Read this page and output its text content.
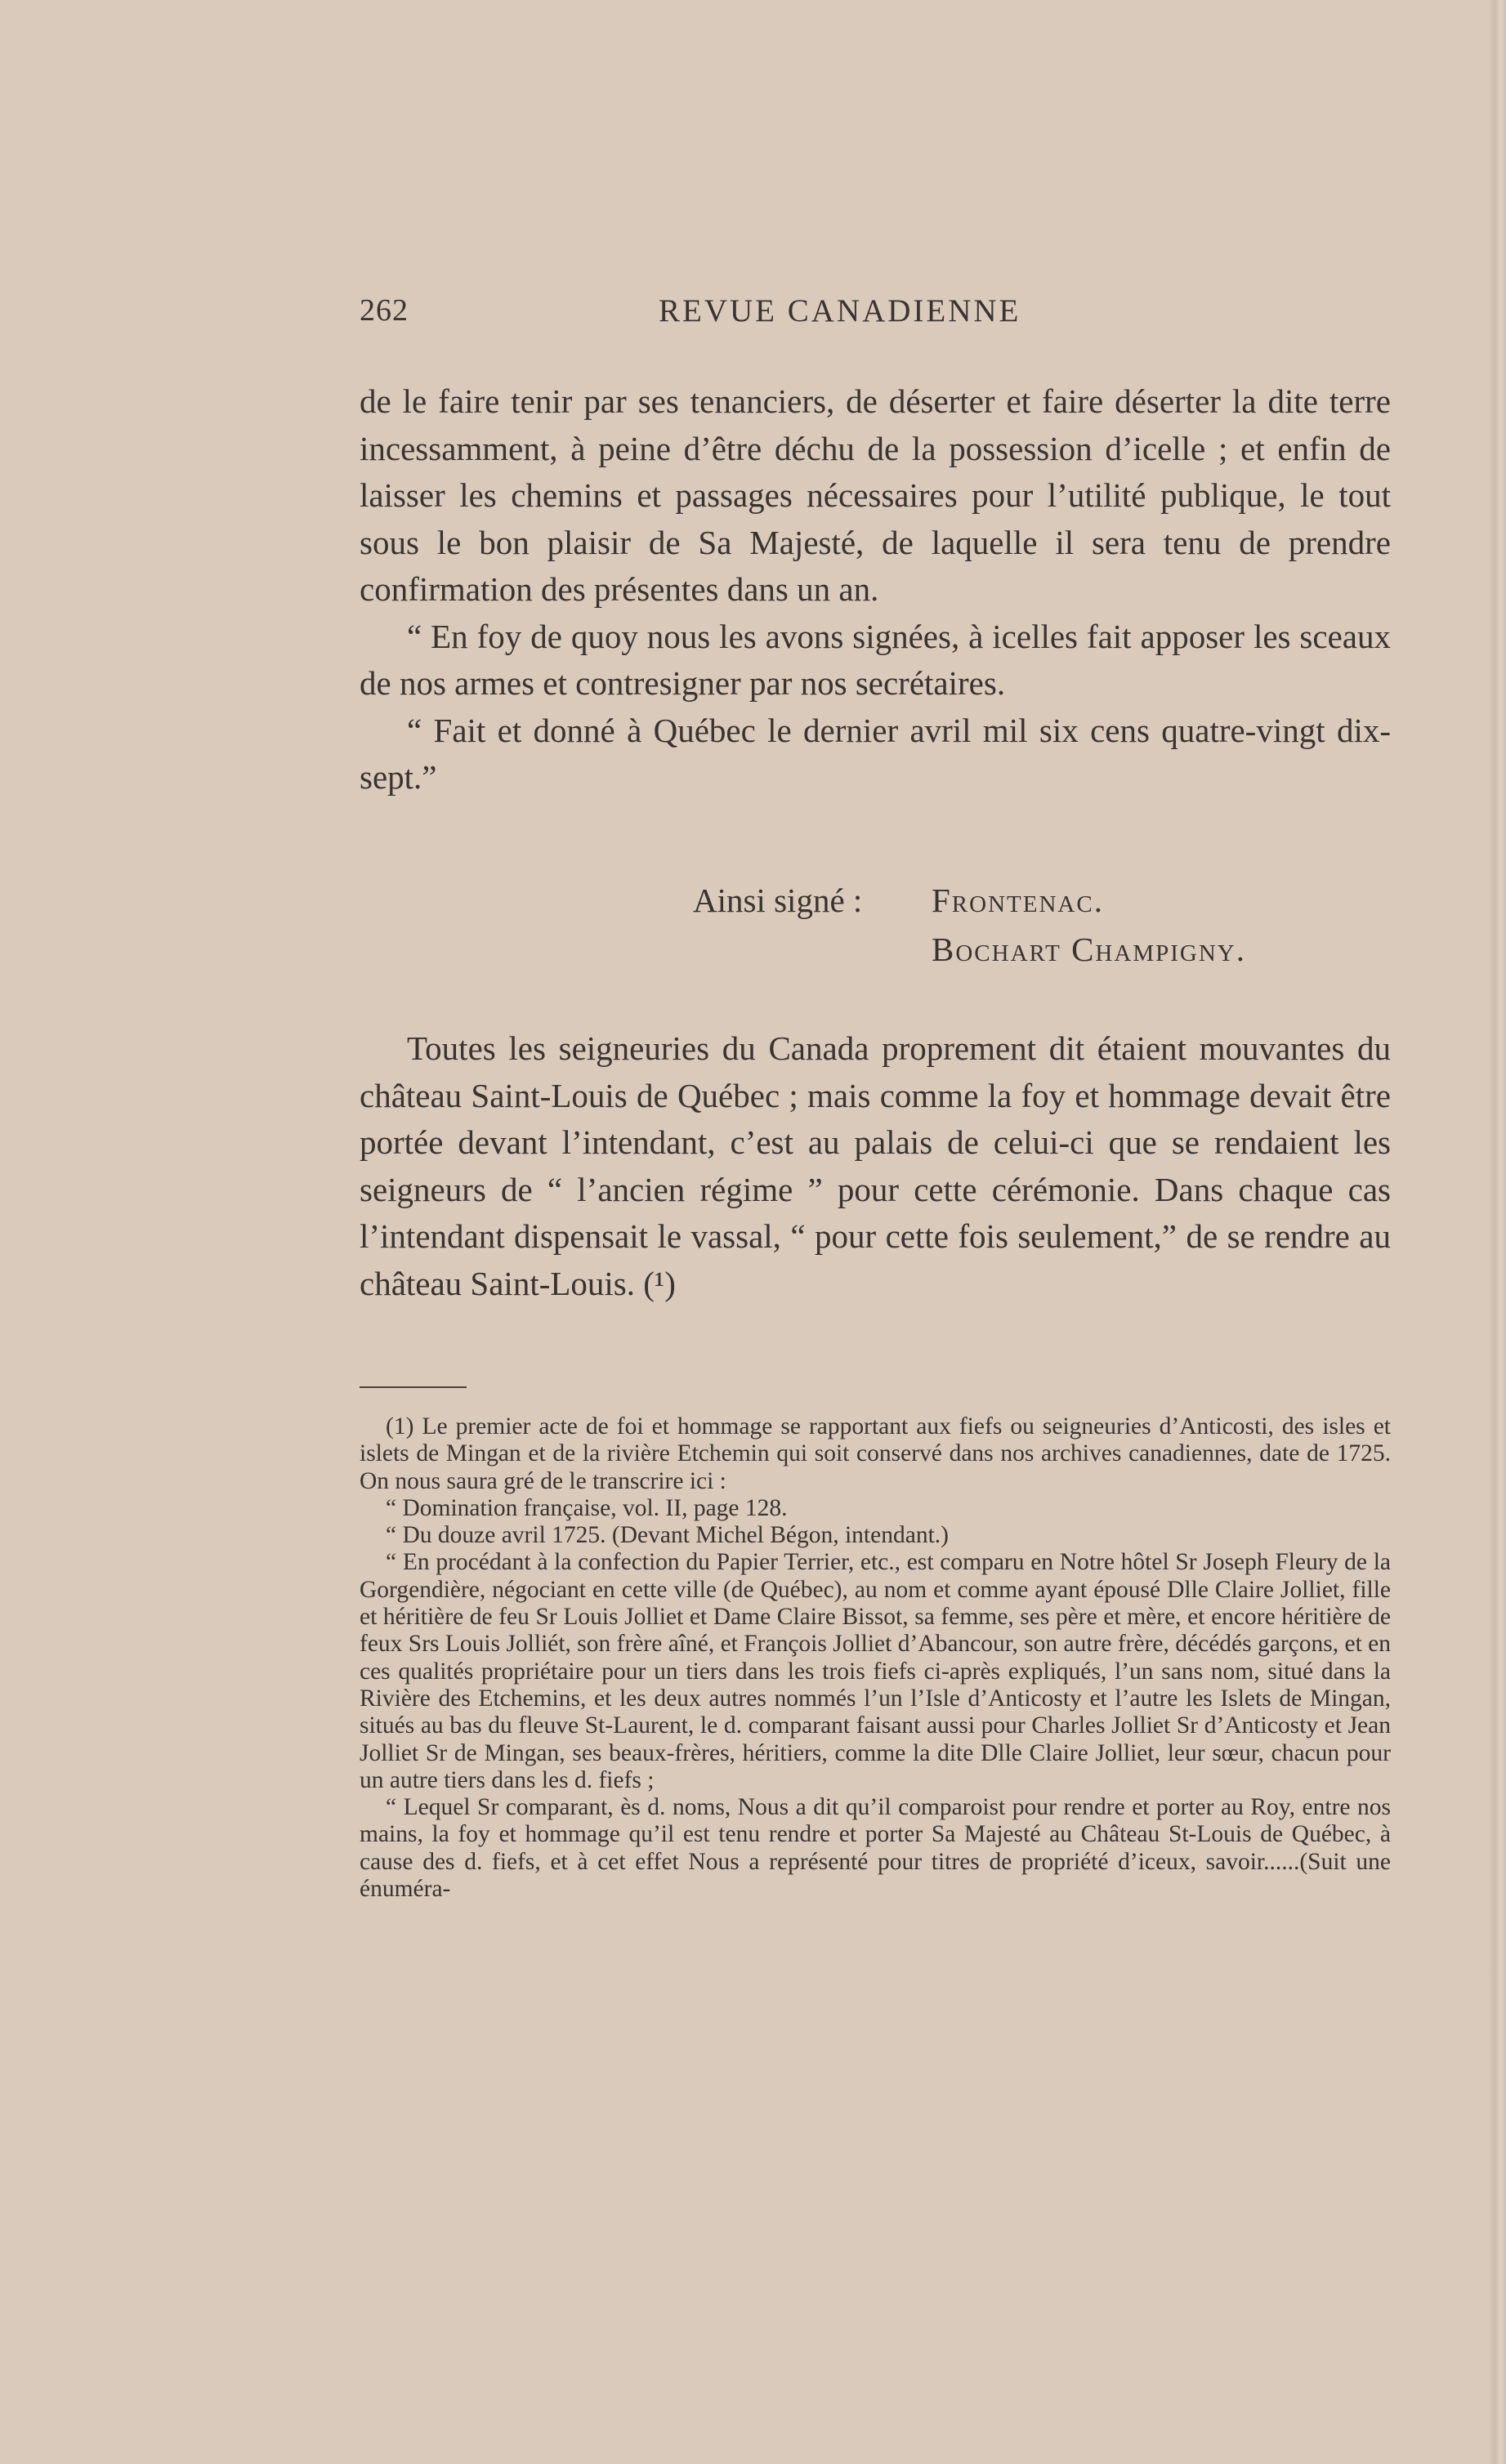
262	REVUE CANADIENNE

de le faire tenir par ses tenanciers, de déserter et faire déserter la dite terre incessamment, à peine d’être déchu de la possession d’icelle ; et enfin de laisser les chemins et passages nécessaires pour l’utilité publique, le tout sous le bon plaisir de Sa Majesté, de laquelle il sera tenu de prendre confirmation des présentes dans un an.

“ En foy de quoy nous les avons signées, à icelles fait apposer les sceaux de nos armes et contresigner par nos secrétaires.

“ Fait et donné à Québec le dernier avril mil six cens quatre-vingt dix-sept.”

Ainsi signé : Frontenac.
Bochart Champigny.

Toutes les seigneuries du Canada proprement dit étaient mouvantes du château Saint-Louis de Québec ; mais comme la foy et hommage devait être portée devant l’intendant, c’est au palais de celui-ci que se rendaient les seigneurs de “ l’ancien régime ” pour cette cérémonie. Dans chaque cas l’intendant dispensait le vassal, “ pour cette fois seulement,” de se rendre au château Saint-Louis. (¹)

(1) Le premier acte de foi et hommage se rapportant aux fiefs ou seigneuries d’Anticosti, des isles et islets de Mingan et de la rivière Etchemin qui soit conservé dans nos archives canadiennes, date de 1725. On nous saura gré de le transcrire ici :

“ Domination française, vol. II, page 128.

“ Du douze avril 1725. (Devant Michel Bégon, intendant.)

“ En procédant à la confection du Papier Terrier, etc., est comparu en Notre hôtel Sr Joseph Fleury de la Gorgendière, négociant en cette ville (de Québec), au nom et comme ayant épousé Dlle Claire Jolliet, fille et héritière de feu Sr Louis Jolliet et Dame Claire Bissot, sa femme, ses père et mère, et encore héritière de feux Srs Louis Jolliét, son frère aîné, et François Jolliet d’Abancour, son autre frère, décédés garçons, et en ces qualités propriétaire pour un tiers dans les trois fiefs ci-après expliqués, l’un sans nom, situé dans la Rivière des Etchemins, et les deux autres nommés l’un l’Isle d’Anticosty et l’autre les Islets de Mingan, situés au bas du fleuve St-Laurent, le d. comparant faisant aussi pour Charles Jolliet Sr d’Anticosty et Jean Jolliet Sr de Mingan, ses beaux-frères, héritiers, comme la dite Dlle Claire Jolliet, leur sœur, chacun pour un autre tiers dans les d. fiefs ;

“ Lequel Sr comparant, ès d. noms, Nous a dit qu’il comparoist pour rendre et porter au Roy, entre nos mains, la foy et hommage qu’il est tenu rendre et porter Sa Majesté au Château St-Louis de Québec, à cause des d. fiefs, et à cet effet Nous a représenté pour titres de propriété d’iceux, savoir......(Suit une énuméra-
